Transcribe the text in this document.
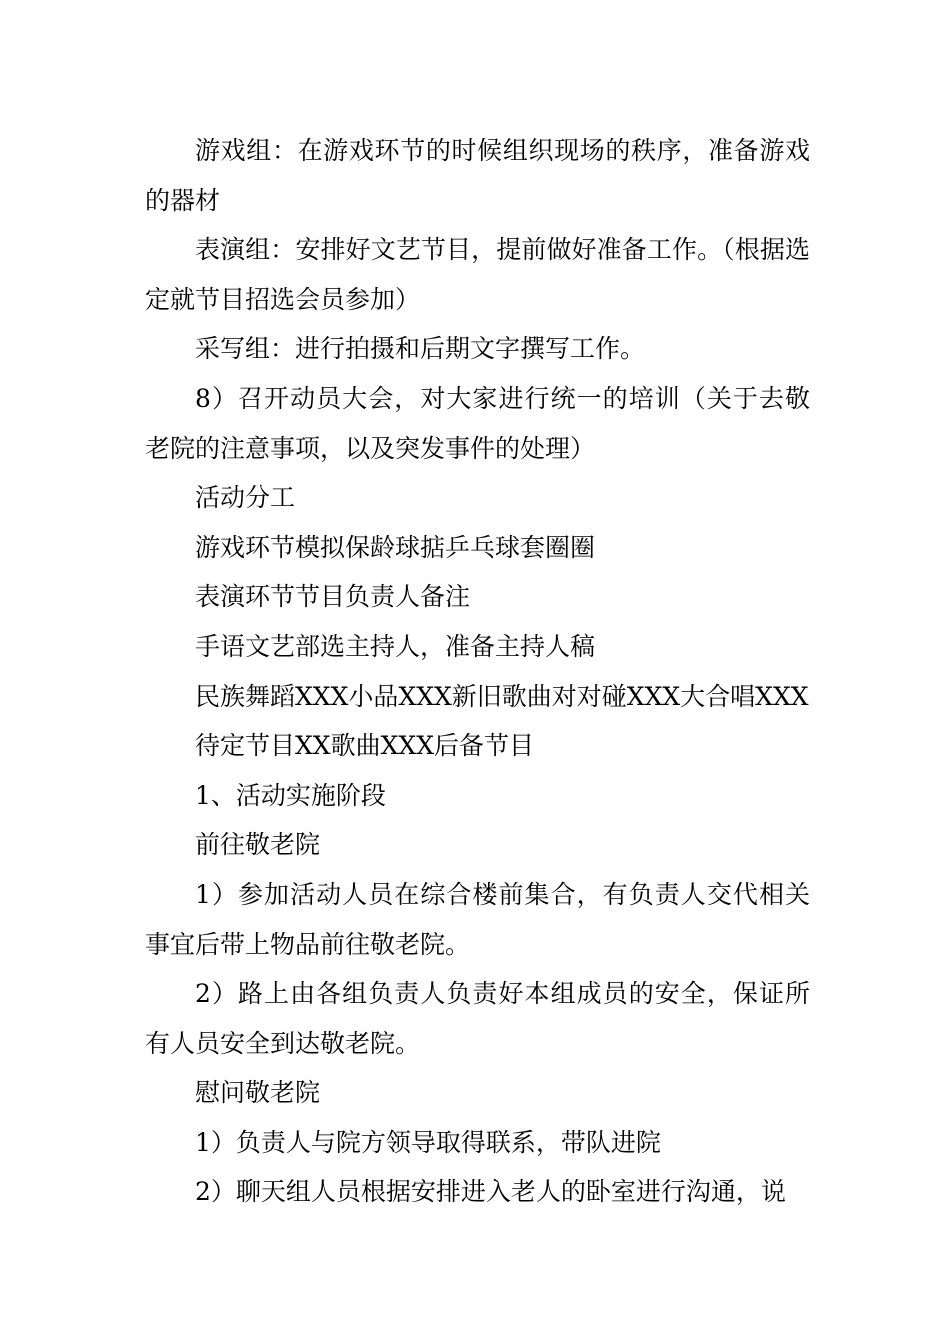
游戏组：在游戏环节的时候组织现场的秩序，准备游戏的器材

表演组：安排好文艺节目，提前做好准备工作。（根据选定就节目招选会员参加）

采写组：进行拍摄和后期文字撰写工作。

8）召开动员大会，对大家进行统一的培训（关于去敬老院的注意事项，以及突发事件的处理）

活动分工

游戏环节模拟保龄球掂乒乓球套圈圈

表演环节节目负责人备注

手语文艺部选主持人，准备主持人稿

民族舞蹈XXX小品XXX新旧歌曲对对碰XXX大合唱XXX

待定节目XX歌曲XXX后备节目

1、活动实施阶段

前往敬老院

1）参加活动人员在综合楼前集合，有负责人交代相关事宜后带上物品前往敬老院。

2）路上由各组负责人负责好本组成员的安全，保证所有人员安全到达敬老院。

慰问敬老院

1）负责人与院方领导取得联系，带队进院

2）聊天组人员根据安排进入老人的卧室进行沟通，说
